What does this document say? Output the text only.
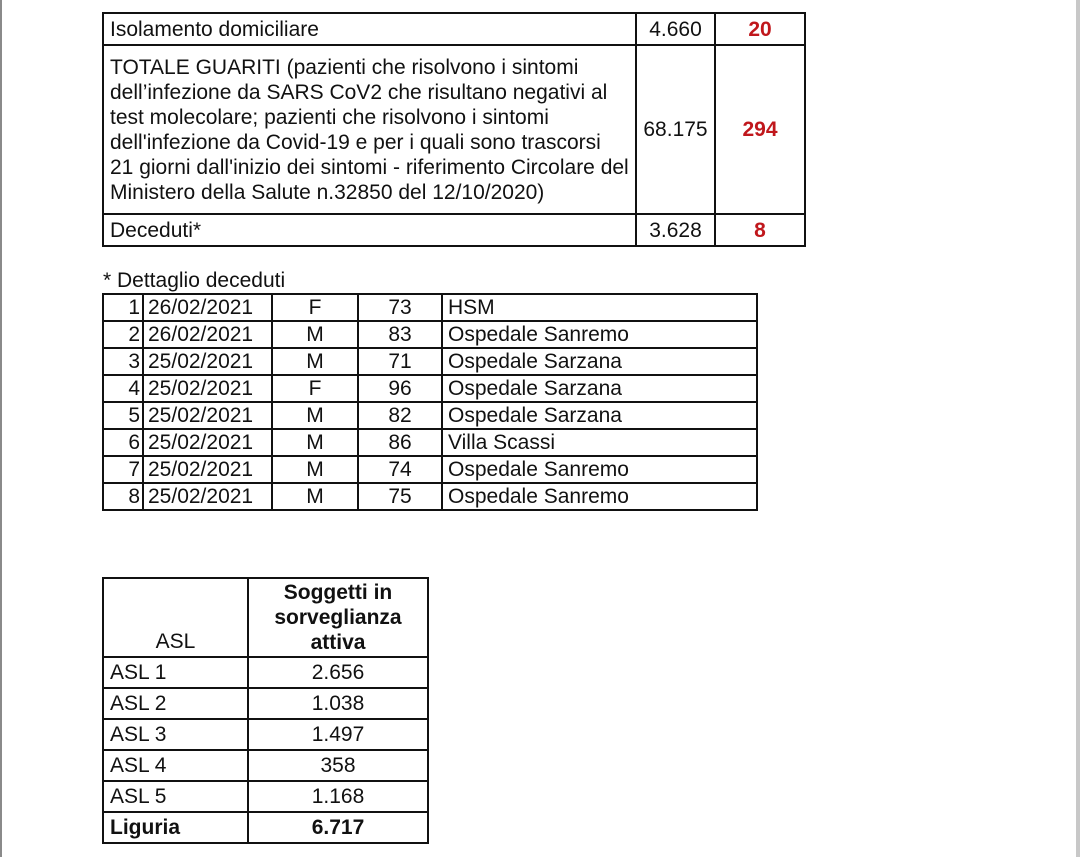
Isolamento domiciliare	4.660	20
TOTALE GUARITI (pazienti che risolvono i sintomi dell’infezione da SARS CoV2 che risultano negativi al test molecolare; pazienti che risolvono i sintomi dell'infezione da Covid-19 e per i quali sono trascorsi 21 giorni dall'inizio dei sintomi - riferimento Circolare del Ministero della Salute n.32850 del 12/10/2020)	68.175	294
Deceduti*	3.628	8

* Dettaglio deceduti

1	26/02/2021	F	73	HSM
2	26/02/2021	M	83	Ospedale Sanremo
3	25/02/2021	M	71	Ospedale Sarzana
4	25/02/2021	F	96	Ospedale Sarzana
5	25/02/2021	M	82	Ospedale Sarzana
6	25/02/2021	M	86	Villa Scassi
7	25/02/2021	M	74	Ospedale Sanremo
8	25/02/2021	M	75	Ospedale Sanremo
ASL	Soggetti in
sorveglianza
attiva

ASL 1	2.656
ASL 2	1.038
ASL 3	1.497
ASL 4	358
ASL 5	1.168
Liguria	6.717
